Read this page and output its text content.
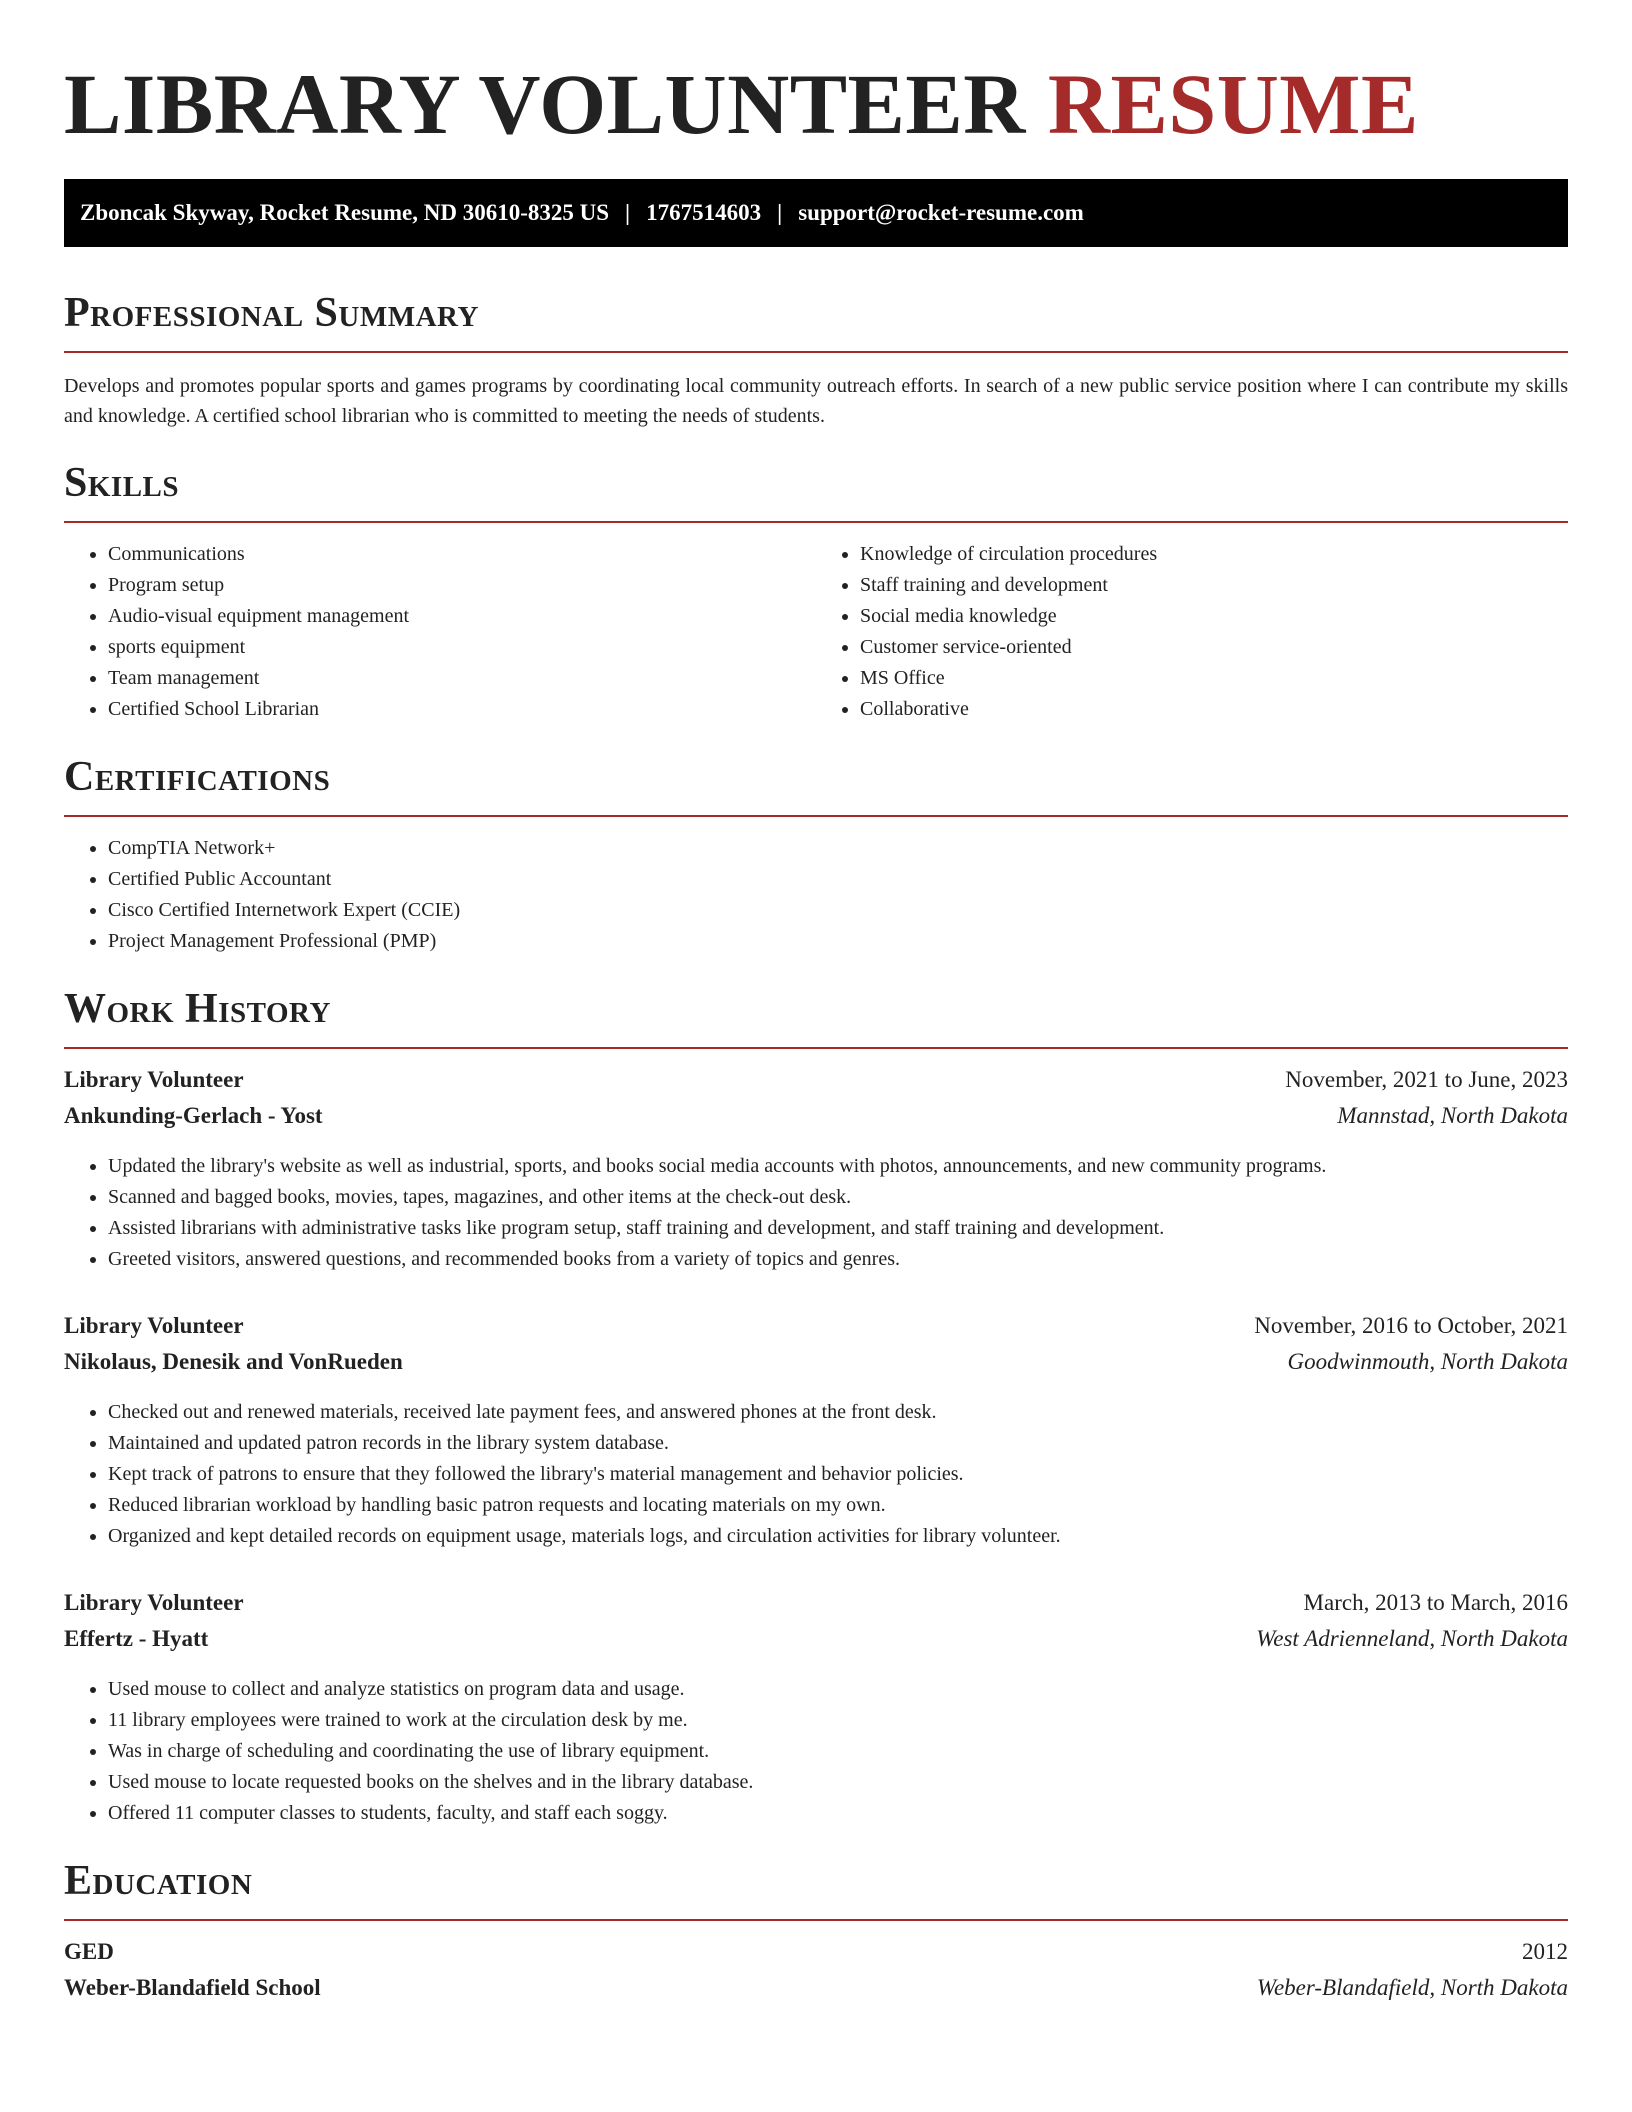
LIBRARY VOLUNTEER RESUME
Zboncak Skyway, Rocket Resume, ND 30610-8325 US | 1767514603 | support@rocket-resume.com
Professional Summary

Develops and promotes popular sports and games programs by coordinating local community outreach efforts. In search of a new public service position where I can contribute my skills and knowledge. A certified school librarian who is committed to meeting the needs of students.

Skills
• Communications
• Program setup
• Audio-visual equipment management
• sports equipment
• Team management
• Certified School Librarian
• Knowledge of circulation procedures
• Staff training and development
• Social media knowledge
• Customer service-oriented
• MS Office
• Collaborative
Certifications
• CompTIA Network+
• Certified Public Accountant
• Cisco Certified Internetwork Expert (CCIE)
• Project Management Professional (PMP)
Work History
Library Volunteer	November, 2021 to June, 2023
Ankunding-Gerlach - Yost	Mannstad, North Dakota
• Updated the library's website as well as industrial, sports, and books social media accounts with photos, announcements, and new community programs.
• Scanned and bagged books, movies, tapes, magazines, and other items at the check-out desk.
• Assisted librarians with administrative tasks like program setup, staff training and development, and staff training and development.
• Greeted visitors, answered questions, and recommended books from a variety of topics and genres.
Library Volunteer	November, 2016 to October, 2021
Nikolaus, Denesik and VonRueden	Goodwinmouth, North Dakota
• Checked out and renewed materials, received late payment fees, and answered phones at the front desk.
• Maintained and updated patron records in the library system database.
• Kept track of patrons to ensure that they followed the library's material management and behavior policies.
• Reduced librarian workload by handling basic patron requests and locating materials on my own.
• Organized and kept detailed records on equipment usage, materials logs, and circulation activities for library volunteer.
Library Volunteer	March, 2013 to March, 2016
Effertz - Hyatt	West Adrienneland, North Dakota
• Used mouse to collect and analyze statistics on program data and usage.
• 11 library employees were trained to work at the circulation desk by me.
• Was in charge of scheduling and coordinating the use of library equipment.
• Used mouse to locate requested books on the shelves and in the library database.
• Offered 11 computer classes to students, faculty, and staff each soggy.
Education
GED	2012
Weber-Blandafield School	Weber-Blandafield, North Dakota
